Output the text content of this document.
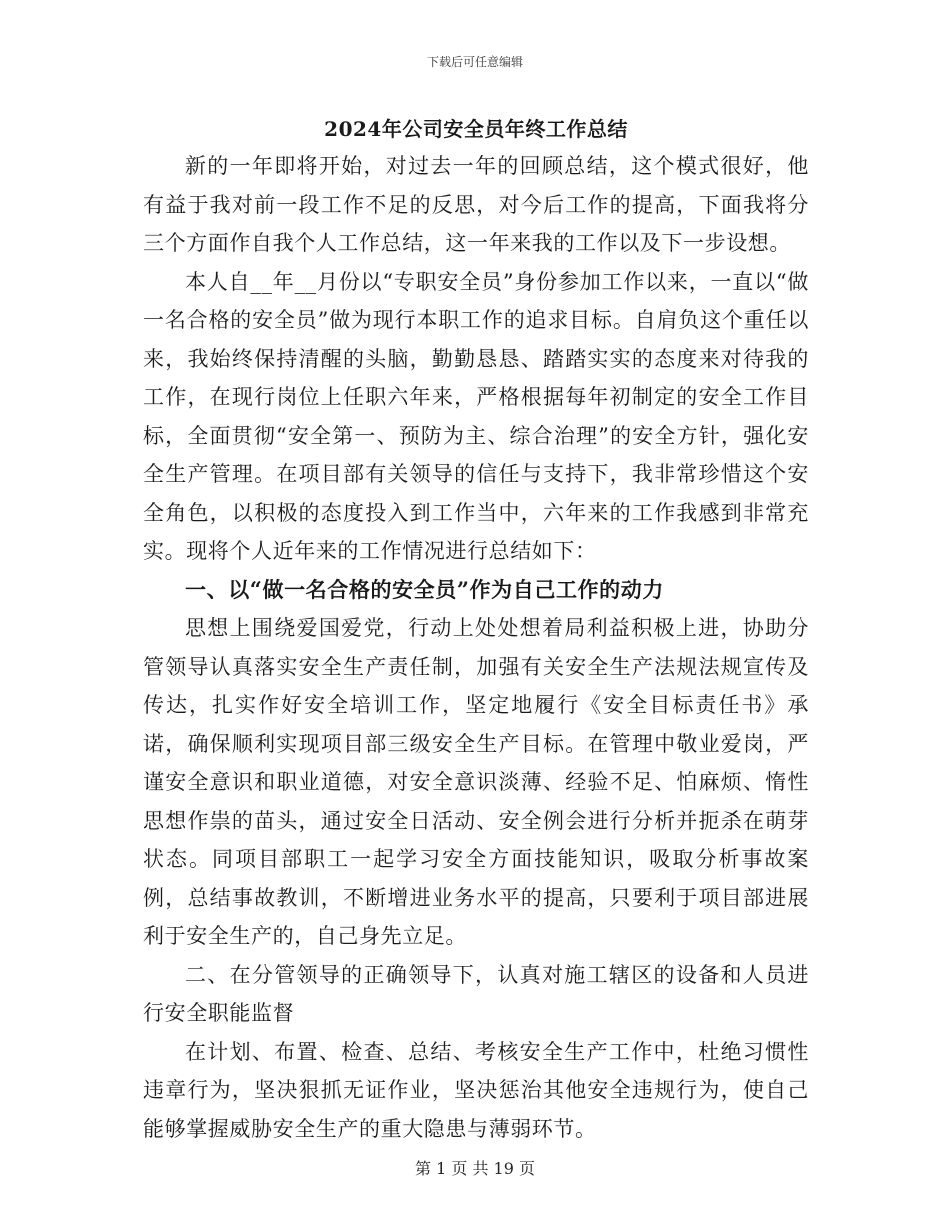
下载后可任意编辑
2024年公司安全员年终工作总结

新的一年即将开始，对过去一年的回顾总结，这个模式很好，他有益于我对前一段工作不足的反思，对今后工作的提高，下面我将分三个方面作自我个人工作总结，这一年来我的工作以及下一步设想。

本人自__年__月份以“专职安全员”身份参加工作以来，一直以“做一名合格的安全员”做为现行本职工作的追求目标。自肩负这个重任以来，我始终保持清醒的头脑，勤勤恳恳、踏踏实实的态度来对待我的工作，在现行岗位上任职六年来，严格根据每年初制定的安全工作目标，全面贯彻“安全第一、预防为主、综合治理”的安全方针，强化安全生产管理。在项目部有关领导的信任与支持下，我非常珍惜这个安全角色，以积极的态度投入到工作当中，六年来的工作我感到非常充实。现将个人近年来的工作情况进行总结如下：

一、以“做一名合格的安全员”作为自己工作的动力

思想上围绕爱国爱党，行动上处处想着局利益积极上进，协助分管领导认真落实安全生产责任制，加强有关安全生产法规法规宣传及传达，扎实作好安全培训工作，坚定地履行《安全目标责任书》承诺，确保顺利实现项目部三级安全生产目标。在管理中敬业爱岗，严谨安全意识和职业道德，对安全意识淡薄、经验不足、怕麻烦、惰性思想作祟的苗头，通过安全日活动、安全例会进行分析并扼杀在萌芽状态。同项目部职工一起学习安全方面技能知识，吸取分析事故案例，总结事故教训，不断增进业务水平的提高，只要利于项目部进展利于安全生产的，自己身先立足。

二、在分管领导的正确领导下，认真对施工辖区的设备和人员进行安全职能监督

在计划、布置、检查、总结、考核安全生产工作中，杜绝习惯性违章行为，坚决狠抓无证作业，坚决惩治其他安全违规行为，使自己能够掌握威胁安全生产的重大隐患与薄弱环节。

第 1 页 共 19 页
